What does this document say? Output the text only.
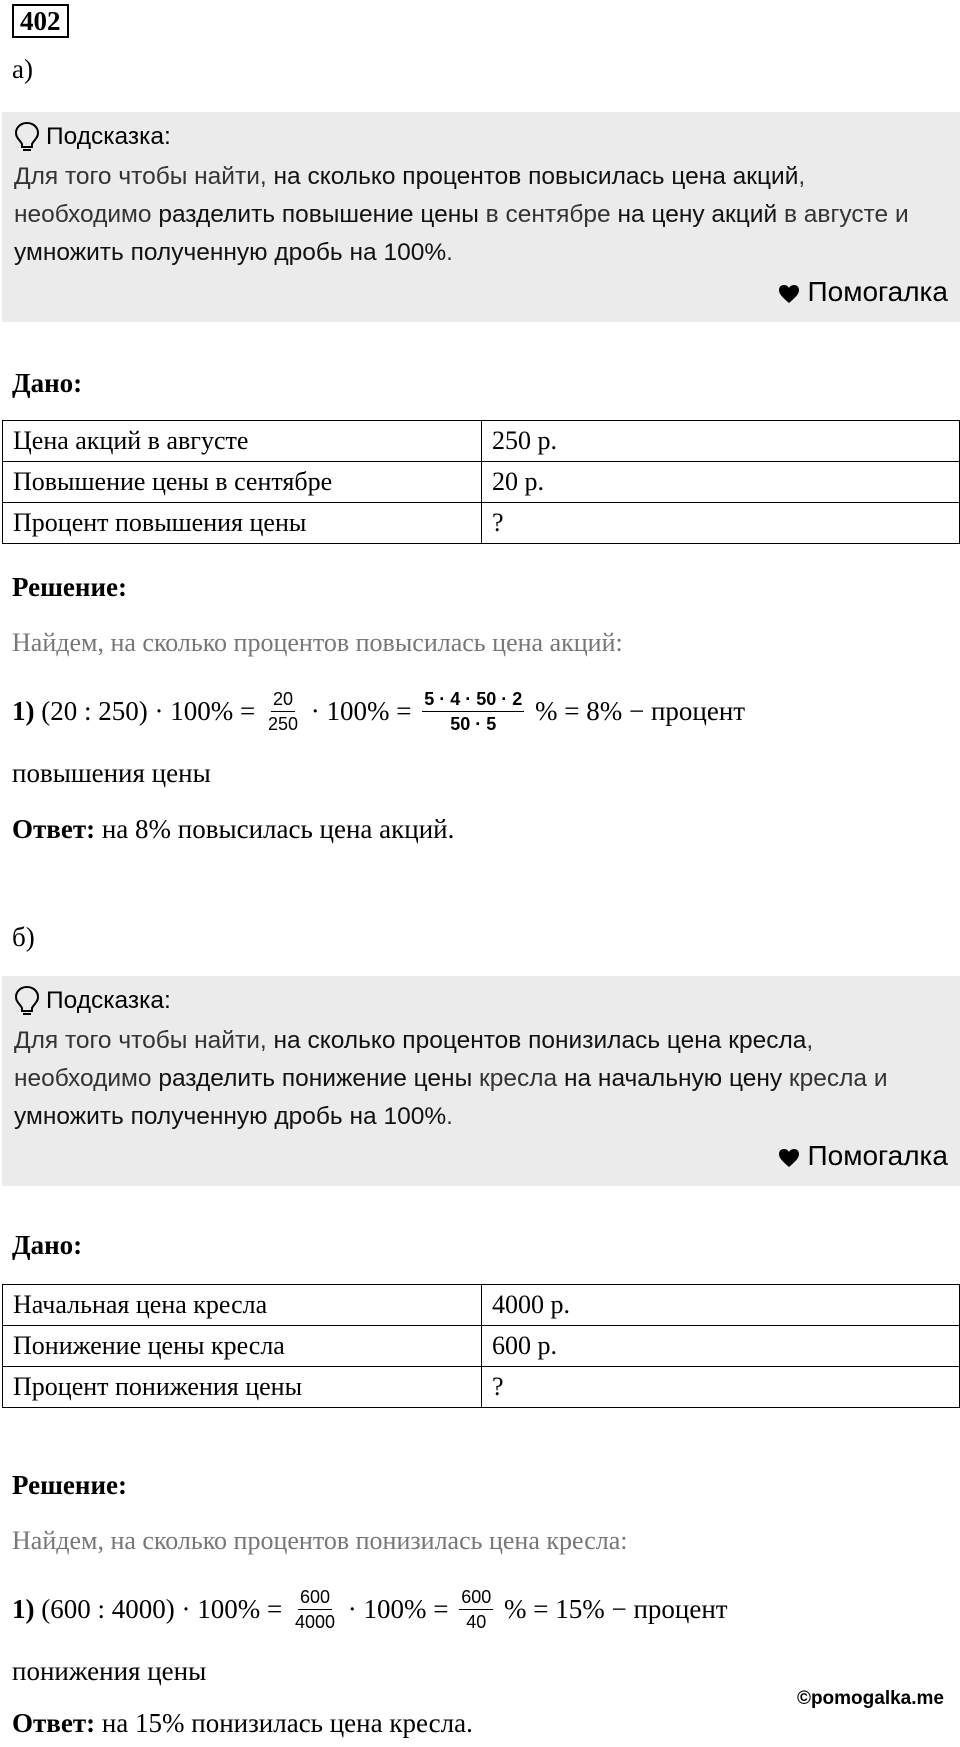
402
а)
Подсказка:
Для того чтобы найти, на сколько процентов повысилась цена акций, необходимо разделить повышение цены в сентябре на цену акций в августе и умножить полученную дробь на 100%.
Помогалка
Дано:
Цена акций в августе	250 р.
Повышение цены в сентябре	20 р.
Процент повышения цены	?
Решение:
Найдем, на сколько процентов повысилась цена акций:
1) (20 : $250) \cdot 100\% = \frac{20}{250} \cdot 100\% = \frac{5 \cdot 4 \cdot 50 \cdot 2}{50 \cdot 5}$ % = 8% − процент
повышения цены
Ответ: на 8% повысилась цена акций.
б)
Подсказка:
Для того чтобы найти, на сколько процентов понизилась цена кресла, необходимо разделить понижение цены кресла на начальную цену кресла и умножить полученную дробь на 100%.
Помогалка
Дано:
Начальная цена кресла	4000 р.
Понижение цены кресла	600 р.
Процент понижения цены	?
Решение:
Найдем, на сколько процентов понизилась цена кресла:
1) (600 : $4000) \cdot 100\% = \frac{600}{4000} \cdot 100\% = \frac{600}{40}$ % = 15% − процент
понижения цены
©pomogalka.me
Ответ: на 15% понизилась цена кресла.
